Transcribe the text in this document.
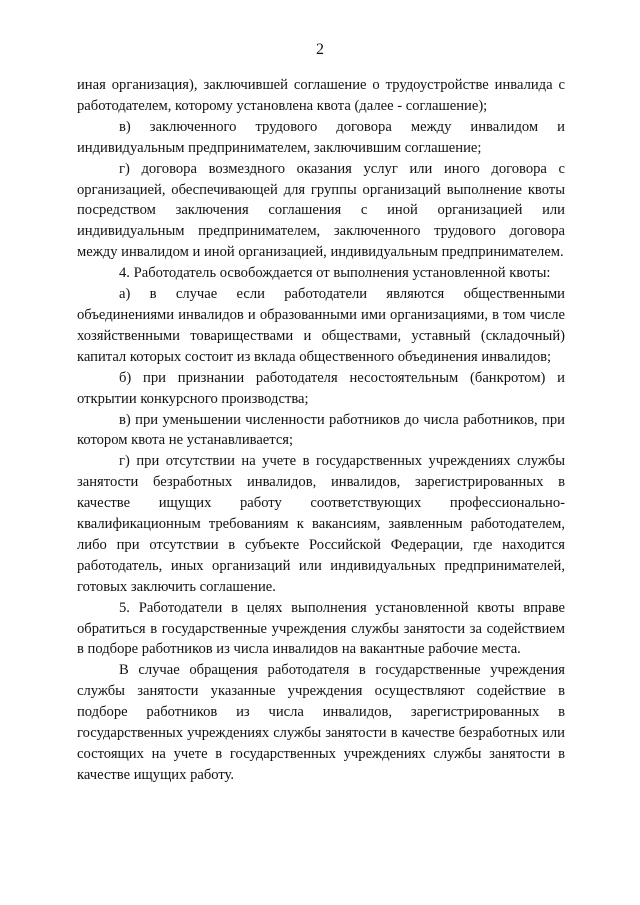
2

иная организация), заключившей соглашение о трудоустройстве инвалида с работодателем, которому установлена квота (далее - соглашение);

в) заключенного трудового договора между инвалидом и индивидуальным предпринимателем, заключившим соглашение;

г) договора возмездного оказания услуг или иного договора с организацией, обеспечивающей для группы организаций выполнение квоты посредством заключения соглашения с иной организацией или индивидуальным предпринимателем, заключенного трудового договора между инвалидом и иной организацией, индивидуальным предпринимателем.

4. Работодатель освобождается от выполнения установленной квоты:

а) в случае если работодатели являются общественными объединениями инвалидов и образованными ими организациями, в том числе хозяйственными товариществами и обществами, уставный (складочный) капитал которых состоит из вклада общественного объединения инвалидов;

б) при признании работодателя несостоятельным (банкротом) и открытии конкурсного производства;

в) при уменьшении численности работников до числа работников, при котором квота не устанавливается;

г) при отсутствии на учете в государственных учреждениях службы занятости безработных инвалидов, инвалидов, зарегистрированных в качестве ищущих работу соответствующих профессионально-квалификационным требованиям к вакансиям, заявленным работодателем, либо при отсутствии в субъекте Российской Федерации, где находится работодатель, иных организаций или индивидуальных предпринимателей, готовых заключить соглашение.

5. Работодатели в целях выполнения установленной квоты вправе обратиться в государственные учреждения службы занятости за содействием в подборе работников из числа инвалидов на вакантные рабочие места.

В случае обращения работодателя в государственные учреждения службы занятости указанные учреждения осуществляют содействие в подборе работников из числа инвалидов, зарегистрированных в государственных учреждениях службы занятости в качестве безработных или состоящих на учете в государственных учреждениях службы занятости в качестве ищущих работу.
